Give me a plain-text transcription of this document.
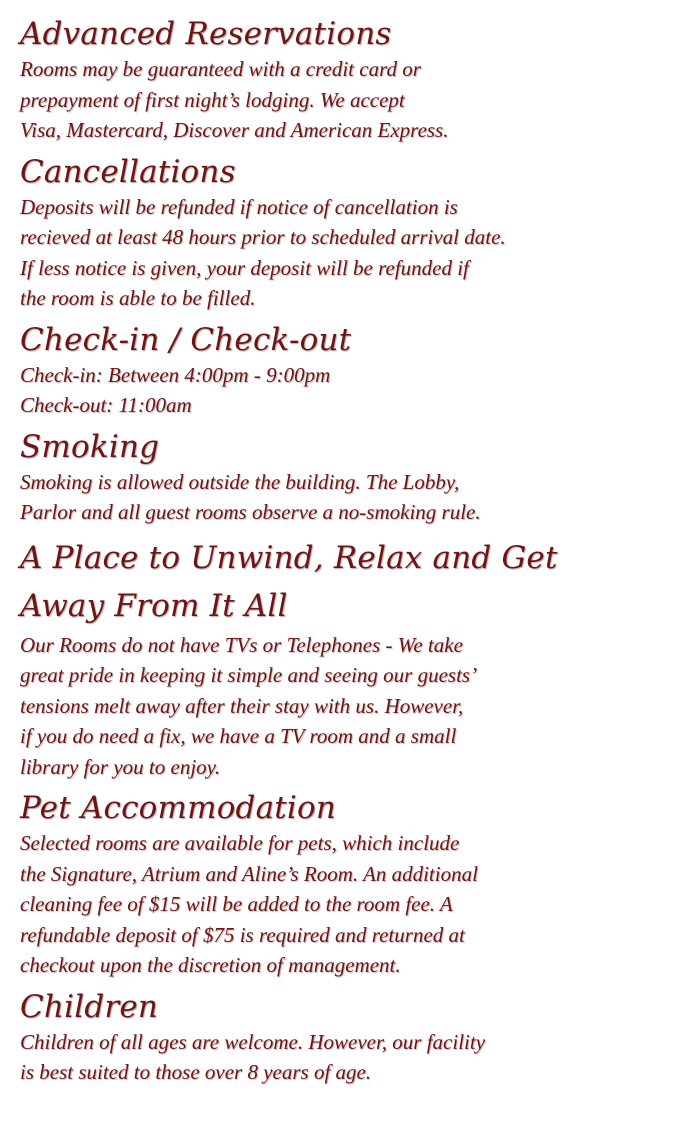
Advanced Reservations
Rooms may be guaranteed with a credit card or
prepayment of first night’s lodging. We accept
Visa, Mastercard, Discover and American Express.
Cancellations
Deposits will be refunded if notice of cancellation is
recieved at least 48 hours prior to scheduled arrival date.
If less notice is given, your deposit will be refunded if
the room is able to be filled.
Check-in / Check-out
Check-in: Between 4:00pm - 9:00pm
Check-out: 11:00am
Smoking
Smoking is allowed outside the building. The Lobby,
Parlor and all guest rooms observe a no-smoking rule.
A Place to Unwind, Relax and Get
Away From It All
Our Rooms do not have TVs or Telephones - We take
great pride in keeping it simple and seeing our guests’
tensions melt away after their stay with us. However,
if you do need a fix, we have a TV room and a small
library for you to enjoy.
Pet Accommodation
Selected rooms are available for pets, which include
the Signature, Atrium and Aline’s Room. An additional
cleaning fee of $15 will be added to the room fee. A
refundable deposit of $75 is required and returned at
checkout upon the discretion of management.
Children
Children of all ages are welcome. However, our facility
is best suited to those over 8 years of age.
